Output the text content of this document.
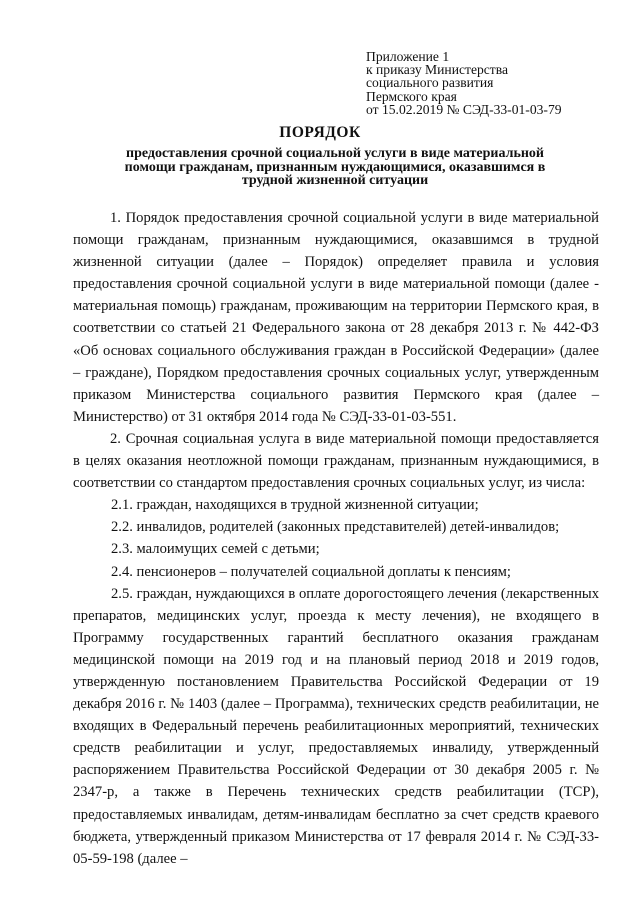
Приложение 1
к приказу Министерства
социального развития
Пермского края
от 15.02.2019 № СЭД-33-01-03-79
ПОРЯДОК
предоставления срочной социальной услуги в виде материальной помощи гражданам, признанным нуждающимися, оказавшимся в трудной жизненной ситуации

1. Порядок предоставления срочной социальной услуги в виде материальной помощи гражданам, признанным нуждающимися, оказавшимся в трудной жизненной ситуации (далее – Порядок) определяет правила и условия предоставления срочной социальной услуги в виде материальной помощи (далее - материальная помощь) гражданам, проживающим на территории Пермского края, в соответствии со статьей 21 Федерального закона от 28 декабря 2013 г. № 442-ФЗ «Об основах социального обслуживания граждан в Российской Федерации» (далее – граждане), Порядком предоставления срочных социальных услуг, утвержденным приказом Министерства социального развития Пермского края (далее – Министерство) от 31 октября 2014 года № СЭД-33-01-03-551.

2. Срочная социальная услуга в виде материальной помощи предоставляется в целях оказания неотложной помощи гражданам, признанным нуждающимися, в соответствии со стандартом предоставления срочных социальных услуг, из числа:

2.1. граждан, находящихся в трудной жизненной ситуации;

2.2. инвалидов, родителей (законных представителей) детей-инвалидов;

2.3. малоимущих семей с детьми;

2.4. пенсионеров – получателей социальной доплаты к пенсиям;

2.5. граждан, нуждающихся в оплате дорогостоящего лечения (лекарственных препаратов, медицинских услуг, проезда к месту лечения), не входящего в Программу государственных гарантий бесплатного оказания гражданам медицинской помощи на 2019 год и на плановый период 2018 и 2019 годов, утвержденную постановлением Правительства Российской Федерации от 19 декабря 2016 г. № 1403 (далее – Программа), технических средств реабилитации, не входящих в Федеральный перечень реабилитационных мероприятий, технических средств реабилитации и услуг, предоставляемых инвалиду, утвержденный распоряжением Правительства Российской Федерации от 30 декабря 2005 г. № 2347-р, а также в Перечень технических средств реабилитации (ТСР), предоставляемых инвалидам, детям-инвалидам бесплатно за счет средств краевого бюджета, утвержденный приказом Министерства от 17 февраля 2014 г. № СЭД-33-05-59-198 (далее –
